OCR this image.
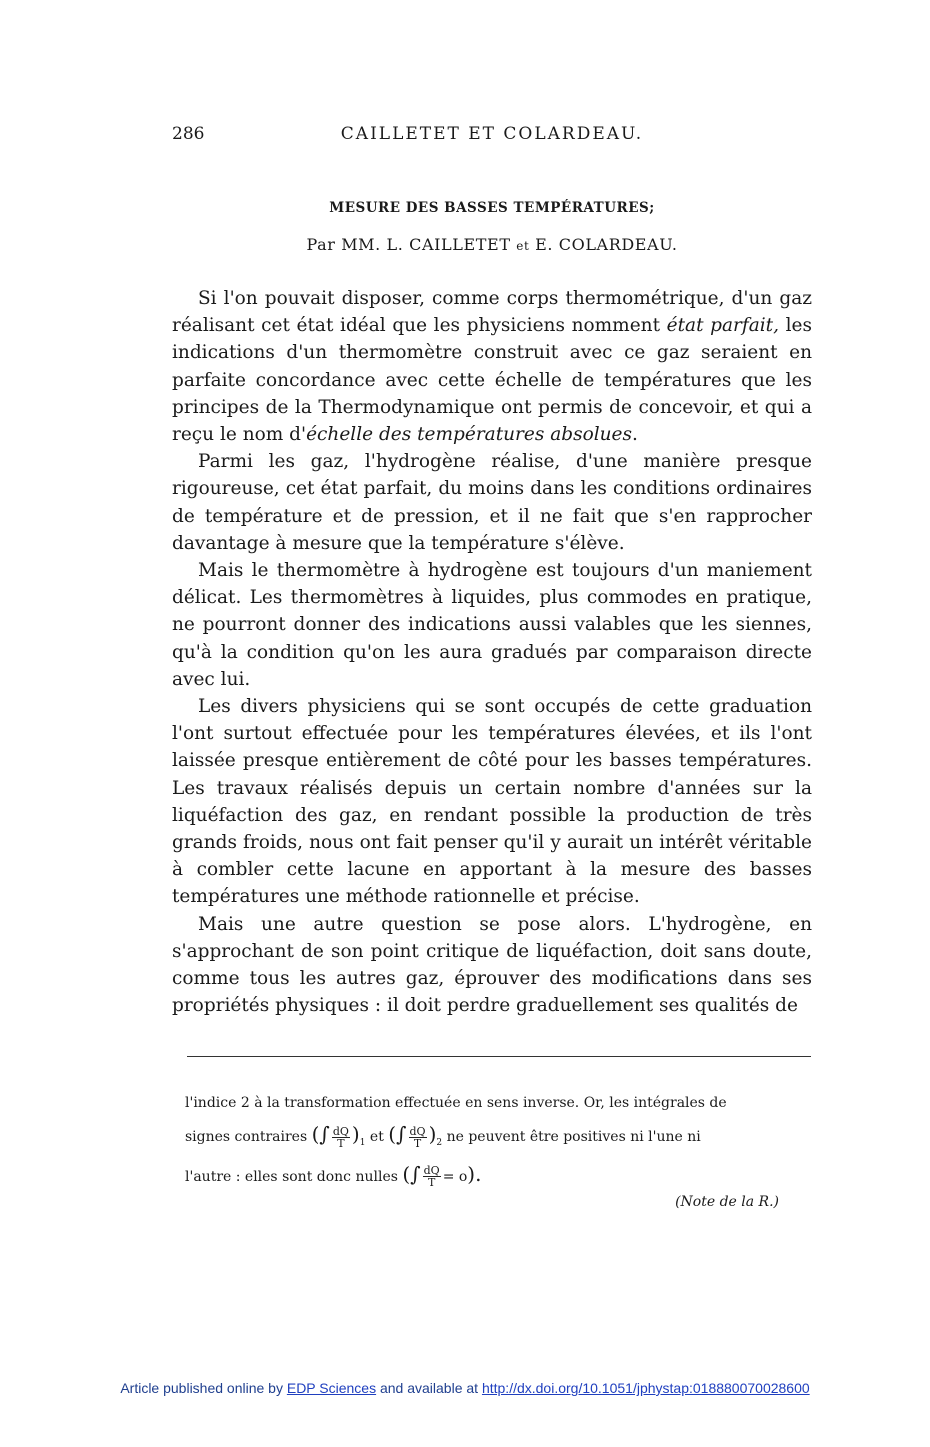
286	CAILLETET ET COLARDEAU.
MESURE DES BASSES TEMPÉRATURES;
Par MM. L. CAILLETET et E. COLARDEAU.

Si l'on pouvait disposer, comme corps thermométrique, d'un gaz réalisant cet état idéal que les physiciens nomment état parfait, les indications d'un thermomètre construit avec ce gaz seraient en parfaite concordance avec cette échelle de températures que les principes de la Thermodynamique ont permis de concevoir, et qui a reçu le nom d'échelle des températures absolues.

Parmi les gaz, l'hydrogène réalise, d'une manière presque rigoureuse, cet état parfait, du moins dans les conditions ordinaires de température et de pression, et il ne fait que s'en rapprocher davantage à mesure que la température s'élève.

Mais le thermomètre à hydrogène est toujours d'un maniement délicat. Les thermomètres à liquides, plus commodes en pratique, ne pourront donner des indications aussi valables que les siennes, qu'à la condition qu'on les aura gradués par comparaison directe avec lui.

Les divers physiciens qui se sont occupés de cette graduation l'ont surtout effectuée pour les températures élevées, et ils l'ont laissée presque entièrement de côté pour les basses températures. Les travaux réalisés depuis un certain nombre d'années sur la liquéfaction des gaz, en rendant possible la production de très grands froids, nous ont fait penser qu'il y aurait un intérêt véritable à combler cette lacune en apportant à la mesure des basses températures une méthode rationnelle et précise.

Mais une autre question se pose alors. L'hydrogène, en s'approchant de son point critique de liquéfaction, doit sans doute, comme tous les autres gaz, éprouver des modifications dans ses propriétés physiques : il doit perdre graduellement ses qualités de

l'indice 2 à la transformation effectuée en sens inverse. Or, les intégrales de
signes contraires (∫ $\frac{dQ}{T} )_1$ et (∫ $\frac{dQ}{T} )_2$ ne peuvent être positives ni l'une ni
l'autre : elles sont donc nulles (∫ $\frac{dQ}{T} = o$).
(Note de la R.)
Article published online by EDP Sciences and available at http://dx.doi.org/10.1051/jphystap:018880070028600
